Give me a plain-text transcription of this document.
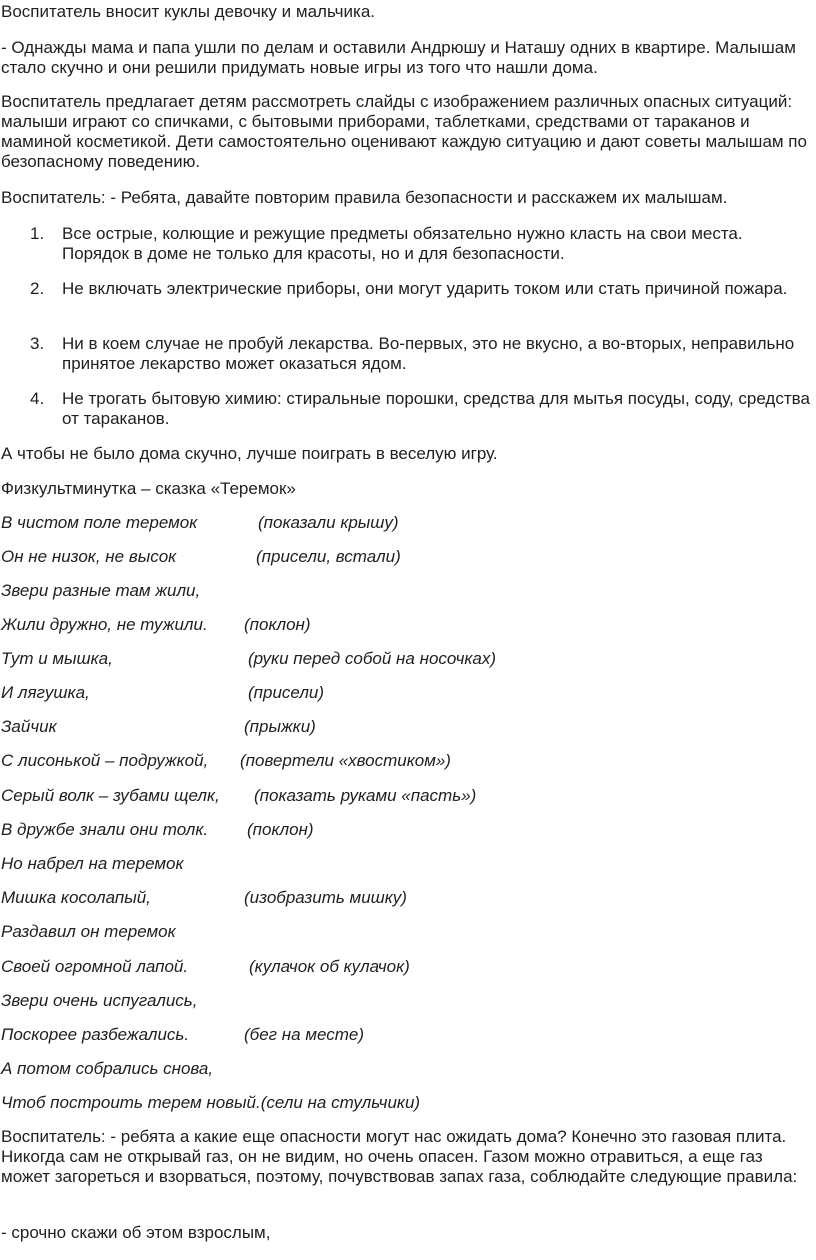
Воспитатель вносит куклы девочку и мальчика.

- Однажды мама и папа ушли по делам и оставили Андрюшу и Наташу одних в квартире. Малышам стало скучно и они решили придумать новые игры из того что нашли дома.

Воспитатель предлагает детям рассмотреть слайды с изображением различных опасных ситуаций: малыши играют со спичками, с бытовыми приборами, таблетками, средствами от тараканов и маминой косметикой. Дети самостоятельно оценивают каждую ситуацию и дают советы малышам по безопасному поведению.

Воспитатель: - Ребята, давайте повторим правила безопасности и расскажем их малышам.

1.	Все острые, колющие и режущие предметы обязательно нужно класть на свои места. Порядок в доме не только для красоты, но и для безопасности.

2.	Не включать электрические приборы, они могут ударить током или стать причиной пожара.

3.	Ни в коем случае не пробуй лекарства. Во-первых, это не вкусно, а во-вторых, неправильно принятое лекарство может оказаться ядом.

4.	Не трогать бытовую химию: стиральные порошки, средства для мытья посуды, соду, средства от тараканов.

А чтобы не было дома скучно, лучше поиграть в веселую игру.

Физкультминутка – сказка «Теремок»

В чистом поле теремок	(показали крышу)

Он не низок, не высок	(присели, встали)

Звери разные там жили,

Жили дружно, не тужили. (поклон)

Тут и мышка,	(руки перед собой на носочках)

И лягушка,	(присели)

Зайчик	(прыжки)

С лисонькой – подружкой, (повертели «хвостиком»)

Серый волк – зубами щелк, (показать руками «пасть»)

В дружбе знали они толк. (поклон)

Но набрел на теремок

Мишка косолапый,	(изобразить мишку)

Раздавил он теремок

Своей огромной лапой.	(кулачок об кулачок)

Звери очень испугались,

Поскорее разбежались.	(бег на месте)

А потом собрались снова,

Чтоб построить терем новый.(сели на стульчики)

Воспитатель: - ребята а какие еще опасности могут нас ожидать дома? Конечно это газовая плита. Никогда сам не открывай газ, он не видим, но очень опасен. Газом можно отравиться, а еще газ может загореться и взорваться, поэтому, почувствовав запах газа, соблюдайте следующие правила:

- срочно скажи об этом взрослым,
